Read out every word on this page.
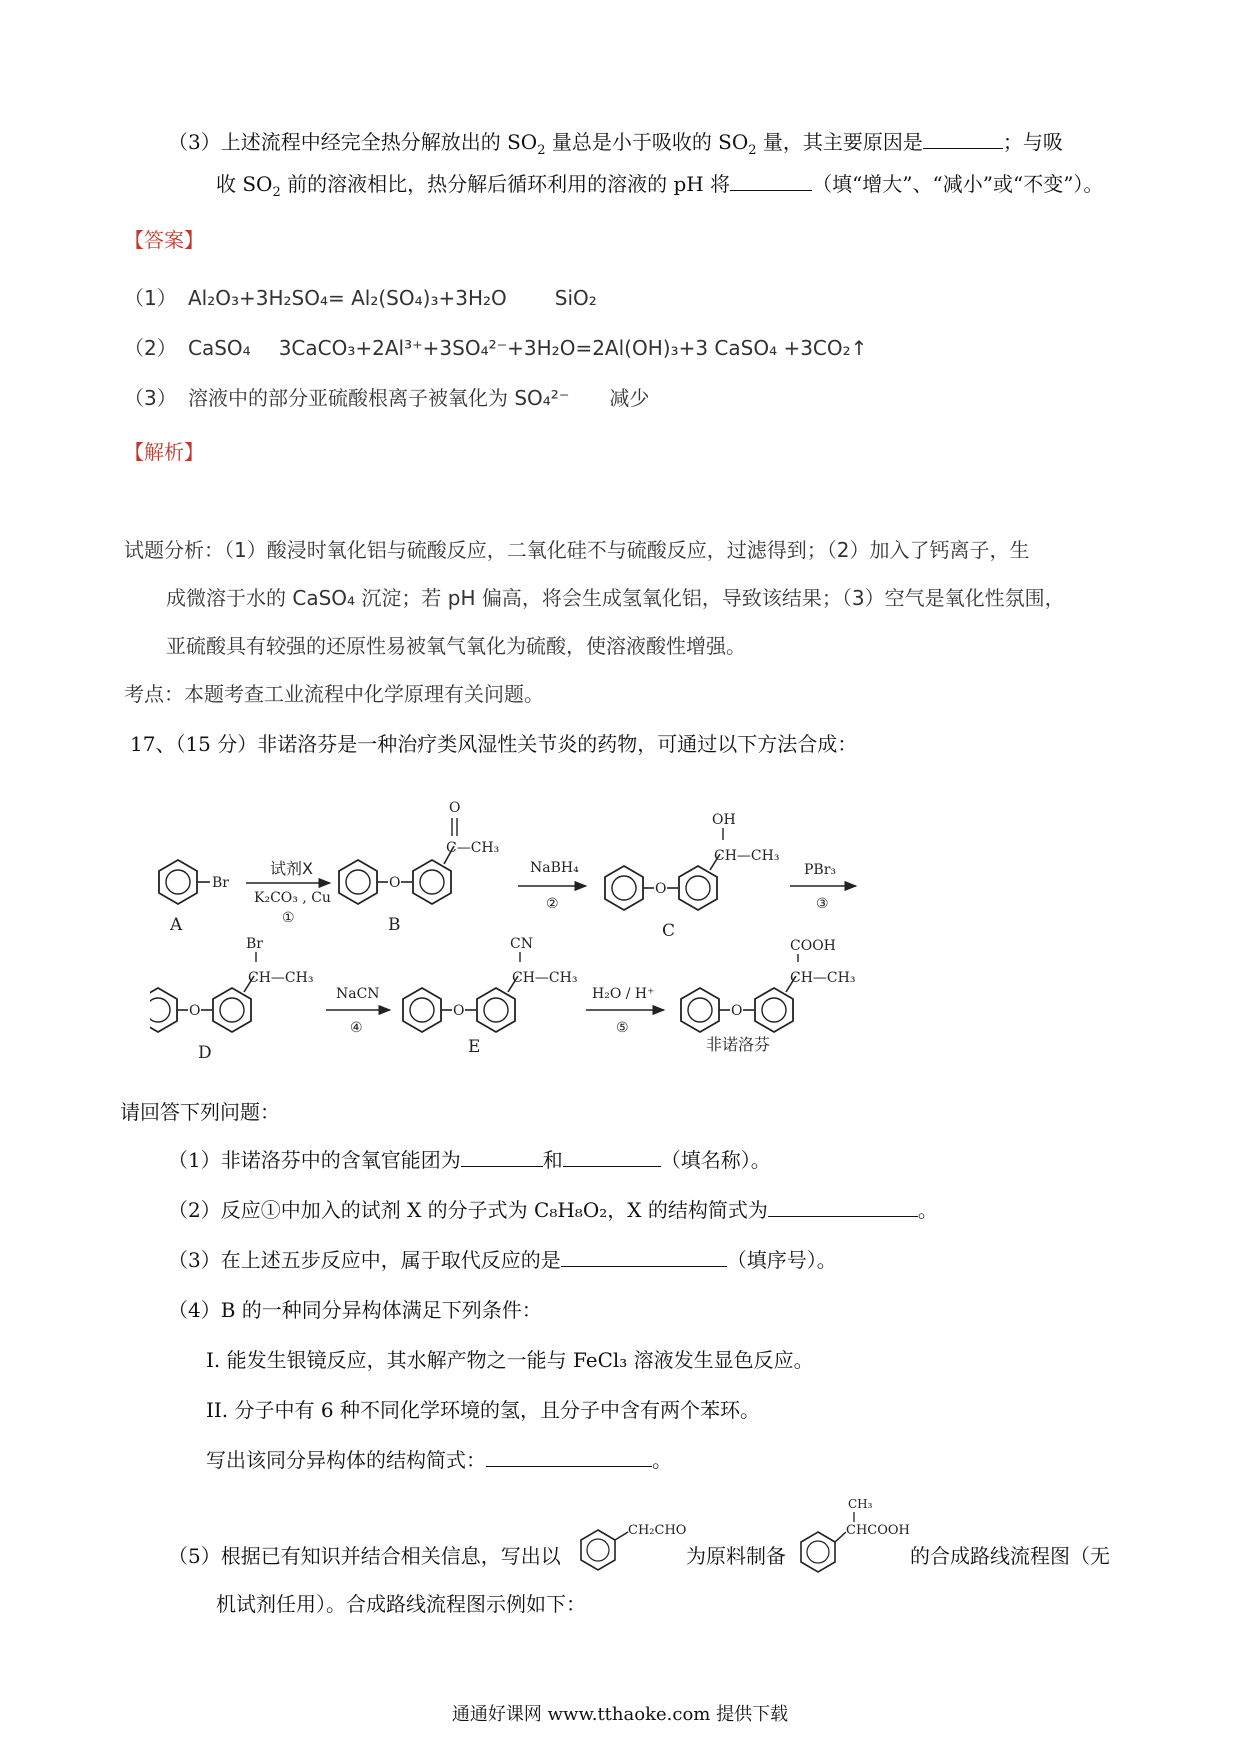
（3）上述流程中经完全热分解放出的 $SO_2$ 量总是小于吸收的 $SO_2$ 量，其主要原因是	；与吸
收 $SO_2$ 前的溶液相比，热分解后循环利用的溶液的 pH 将	（填“增大”、“减小”或“不变”）。
【答案】
（1） Al₂O₃+3H₂SO₄= Al₂(SO₄)₃+3H₂O SiO₂
（2） CaSO₄ 3CaCO₃+2Al³⁺+3SO₄²⁻+3H₂O=2Al(OH)₃+3 CaSO₄ +3CO₂↑
（3） 溶液中的部分亚硫酸根离子被氧化为 SO₄²⁻ 减少
【解析】
试题分析：（1）酸浸时氧化铝与硫酸反应，二氧化硅不与硫酸反应，过滤得到；（2）加入了钙离子，生
成微溶于水的 CaSO₄ 沉淀；若 pH 偏高，将会生成氢氧化铝，导致该结果；（3）空气是氧化性氛围，
亚硫酸具有较强的还原性易被氧气氧化为硫酸，使溶液酸性增强。
考点：本题考查工业流程中化学原理有关问题。
17、（15 分）非诺洛芬是一种治疗类风湿性关节炎的药物，可通过以下方法合成：
Br
A
试剂X
K₂CO₃ , Cu
①
O
C—CH₃
O
B
NaBH₄
②
O
CH—CH₃
OH
C
PBr₃
③
O
CH—CH₃
Br
D
NaCN
④
O
CH—CH₃
CN
E
H₂O / H⁺
⑤
O
CH—CH₃
COOH
非诺洛芬
请回答下列问题：
（1）非诺洛芬中的含氧官能团为	和	（填名称）。
（2）反应①中加入的试剂 X 的分子式为 C₈H₈O₂，X 的结构简式为	。
（3）在上述五步反应中，属于取代反应的是	（填序号）。
（4）B 的一种同分异构体满足下列条件：
I. 能发生银镜反应，其水解产物之一能与 FeCl₃ 溶液发生显色反应。
II. 分子中有 6 种不同化学环境的氢，且分子中含有两个苯环。
写出该同分异构体的结构简式：	。
（5）根据已有知识并结合相关信息，写出以
CH₂CHO
为原料制备
CH₃
CHCOOH
的合成路线流程图（无
机试剂任用）。合成路线流程图示例如下：
通通好课网 www.tthaoke.com 提供下载
